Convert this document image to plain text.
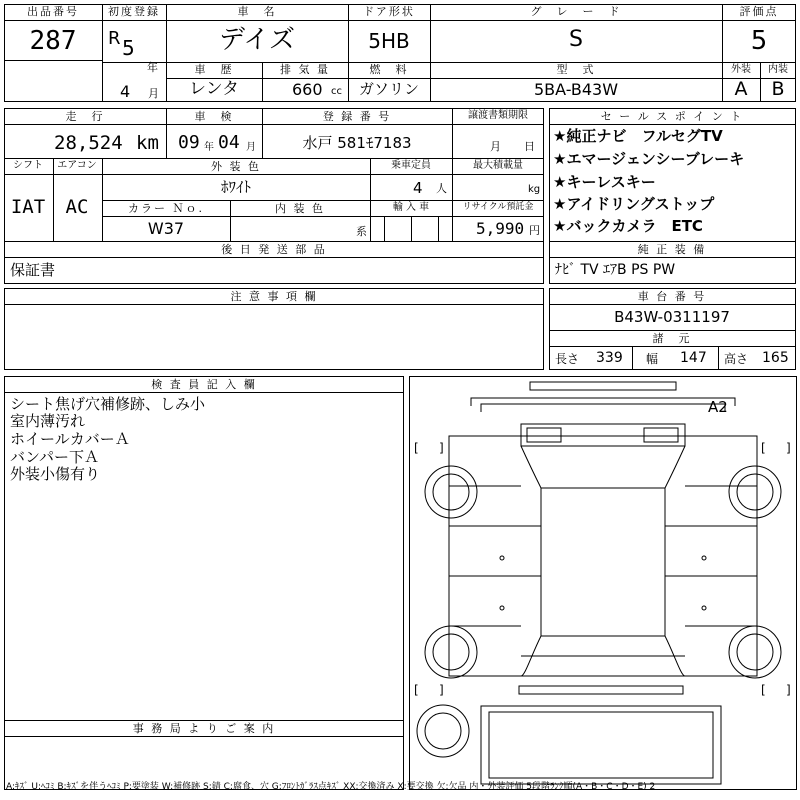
出品番号
287
初度登録
R 5
年
4 月
車　名
デイズ
ドア形状
5HB
グ　レ　ー　ド
S
評価点
5
車　歴
レンタ
排 気 量
660 cc
燃　料
ガソリン
型　式
5BA-B43W
外装 内装
A B
走　行
28,524 km
車　検
09 年 04 月
登 録 番 号
水戸 581ﾓ7183
譲渡書類期限
月 日
シフト
IAT
エアコン
AC
外 装 色
ﾎﾜｲﾄ
乗車定員
4 人
最大積載量
kg
カラー Ｎｏ.
W37
内 装 色
系
輸 入 車	リサイクル預託金
5,990 円
後 日 発 送 部 品
保証書
セ ー ル ス ポ イ ン ト
★純正ナビ　フルセグTV
★エマージェンシーブレーキ
★キーレスキー
★アイドリングストップ
★バックカメラ　ETC
純 正 装 備
ﾅﾋﾞ TV ｴｱB PS PW
注 意 事 項 欄	車 台 番 号
B43W-0311197
諸　元
長さ 339 幅 147 高さ 165
検 査 員 記 入 欄
シート焦げ穴補修跡、しみ小
室内薄汚れ
ホイールカバーＡ
バンパー下Ａ
外装小傷有り
事 務 局 よ り ご 案 内
[ ]	[ ]
[ ]	[ ]
A2
A:ｷｽﾞ U:ﾍｺﾐ B:ｷｽﾞを伴うﾍｺﾐ P:要塗装 W:補修跡 S:錆 C:腐食、穴 G:ﾌﾛﾝﾄｶﾞﾗｽ点ｷｽﾞ XX:交換済み X:要交換 欠:欠品 内・外装評価 5段階ﾗﾝｸ順(A・B・C・D・E) 2
